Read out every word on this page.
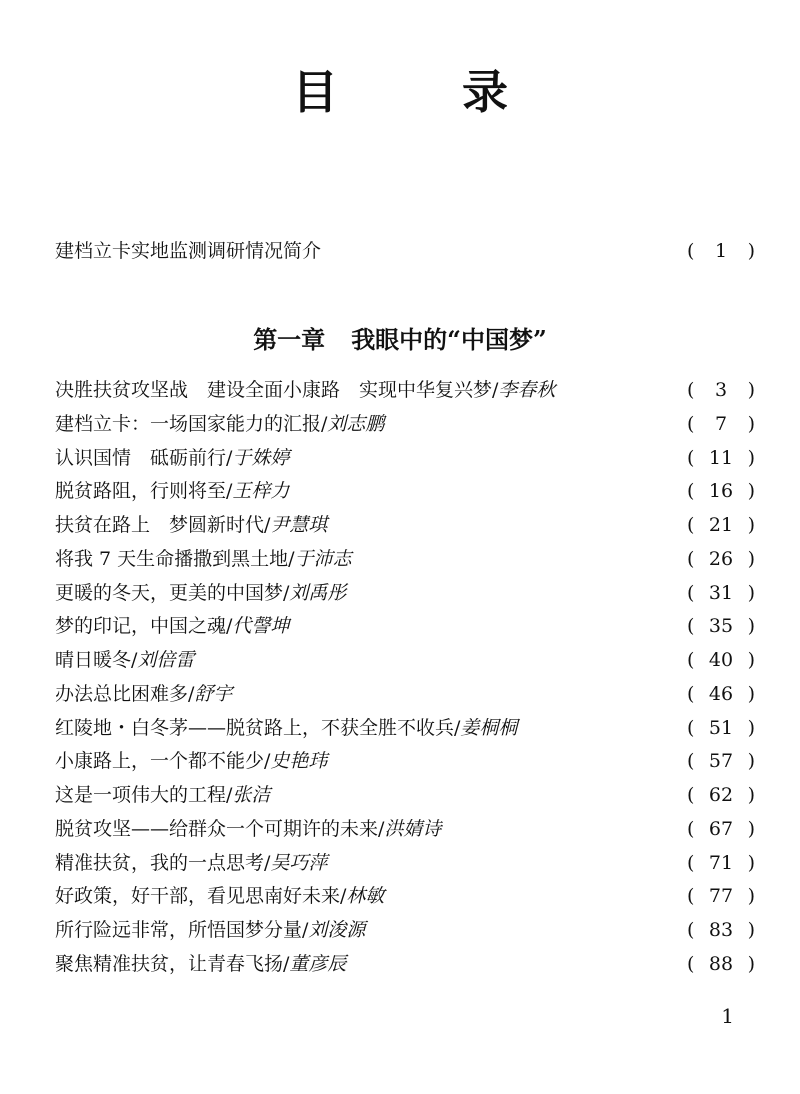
目 录
建档立卡实地监测调研情况简介	(	1	)
第一章 我眼中的“中国梦”
决胜扶贫攻坚战　建设全面小康路　实现中华复兴梦/李春秋	(	3	)
建档立卡：一场国家能力的汇报/刘志鹏	(	7	)
认识国情　砥砺前行/于姝婷	( 11 )
脱贫路阻，行则将至/王梓力	( 16 )
扶贫在路上　梦圆新时代/尹慧琪	( 21 )
将我 7 天生命播撒到黑土地/于沛志	( 26 )
更暖的冬天，更美的中国梦/刘禹彤	( 31 )
梦的印记，中国之魂/代謦坤	( 35 )
晴日暖冬/刘倍雷	( 40 )
办法总比困难多/舒宇	( 46 )
红陵地・白冬茅——脱贫路上，不获全胜不收兵/姜桐桐	( 51 )
小康路上，一个都不能少/史艳玮	( 57 )
这是一项伟大的工程/张洁	( 62 )
脱贫攻坚——给群众一个可期许的未来/洪婧诗	( 67 )
精准扶贫，我的一点思考/吴巧萍	( 71 )
好政策，好干部，看见思南好未来/林敏	( 77 )
所行险远非常，所悟国梦分量/刘浚源	( 83 )
聚焦精准扶贫，让青春飞扬/董彦辰	( 88 )
1
